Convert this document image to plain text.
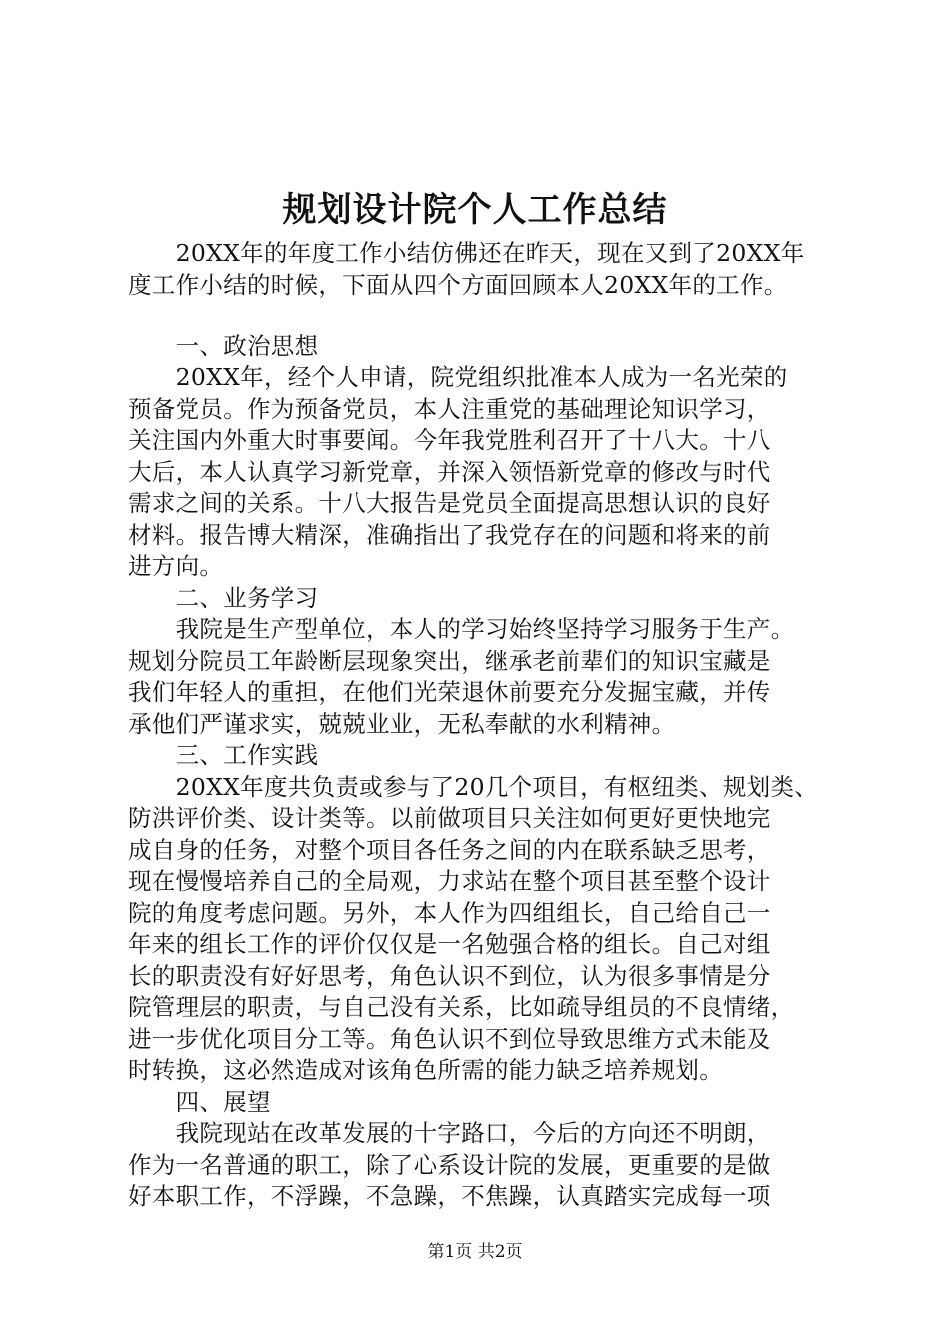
规划设计院个人工作总结
　　20XX年的年度工作小结仿佛还在昨天，现在又到了20XX年
度工作小结的时候，下面从四个方面回顾本人20XX年的工作。
　　一、政治思想
　　20XX年，经个人申请，院党组织批准本人成为一名光荣的
预备党员。作为预备党员，本人注重党的基础理论知识学习，
关注国内外重大时事要闻。今年我党胜利召开了十八大。十八
大后，本人认真学习新党章，并深入领悟新党章的修改与时代
需求之间的关系。十八大报告是党员全面提高思想认识的良好
材料。报告博大精深，准确指出了我党存在的问题和将来的前
进方向。
　　二、业务学习
　　我院是生产型单位，本人的学习始终坚持学习服务于生产。
规划分院员工年龄断层现象突出，继承老前辈们的知识宝藏是
我们年轻人的重担，在他们光荣退休前要充分发掘宝藏，并传
承他们严谨求实，兢兢业业，无私奉献的水利精神。
　　三、工作实践
　　20XX年度共负责或参与了20几个项目，有枢纽类、规划类、
防洪评价类、设计类等。以前做项目只关注如何更好更快地完
成自身的任务，对整个项目各任务之间的内在联系缺乏思考，
现在慢慢培养自己的全局观，力求站在整个项目甚至整个设计
院的角度考虑问题。另外，本人作为四组组长，自己给自己一
年来的组长工作的评价仅仅是一名勉强合格的组长。自己对组
长的职责没有好好思考，角色认识不到位，认为很多事情是分
院管理层的职责，与自己没有关系，比如疏导组员的不良情绪，
进一步优化项目分工等。角色认识不到位导致思维方式未能及
时转换，这必然造成对该角色所需的能力缺乏培养规划。
　　四、展望
　　我院现站在改革发展的十字路口，今后的方向还不明朗，
作为一名普通的职工，除了心系设计院的发展，更重要的是做
好本职工作，不浮躁，不急躁，不焦躁，认真踏实完成每一项
第1页 共2页
